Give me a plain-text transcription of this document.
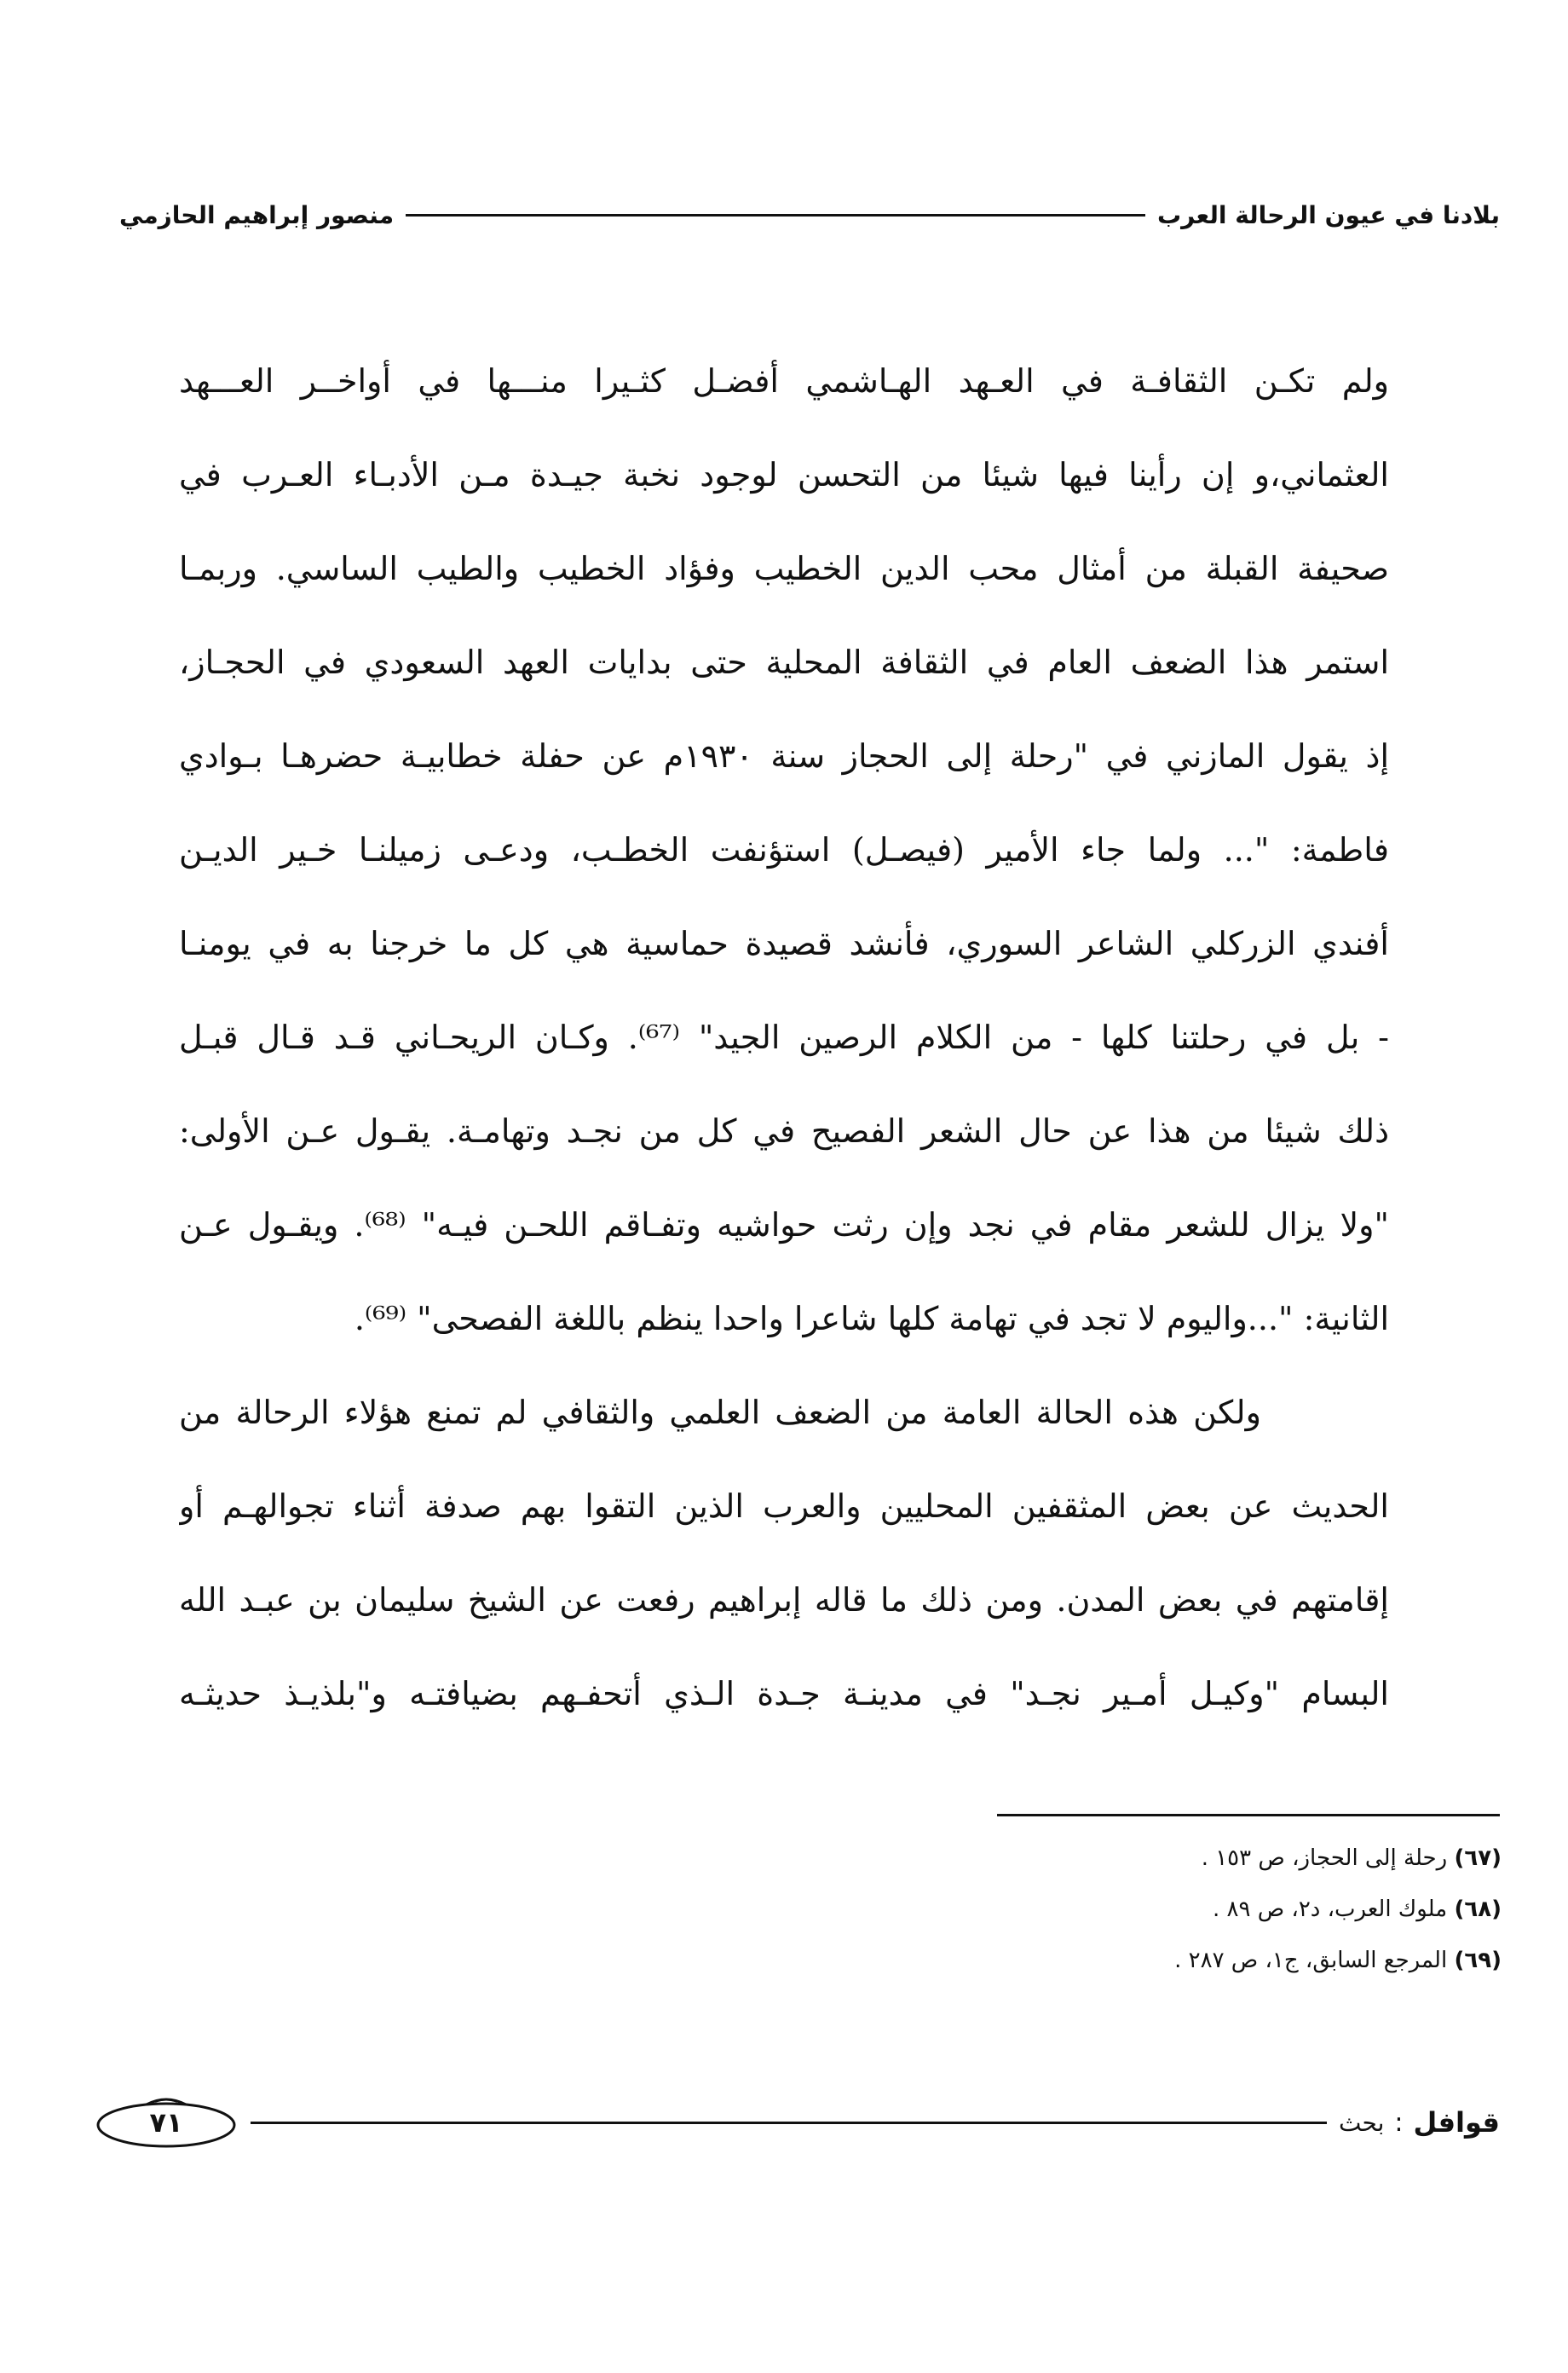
بلادنا في عيون الرحالة العرب
منصور إبراهيم الحازمي
ولم تكـن الثقافـة في العـهد الهـاشمي أفضـل كثـيرا منـــها في أواخــر العـــهد
العثماني،و إن رأينا فيها شيئا من التحسن لوجود نخبة جيـدة مـن الأدبـاء العـرب في
صحيفة القبلة من أمثال محب الدين الخطيب وفؤاد الخطيب والطيب الساسي. وربمـا
استمر هذا الضعف العام في الثقافة المحلية حتى بدايات العهد السعودي في الحجـاز،
إذ يقول المازني في "رحلة إلى الحجاز سنة ١٩٣٠م عن حفلة خطابيـة حضرهـا بـوادي
فاطمة: "... ولما جاء الأمير (فيصـل) استؤنفت الخطـب، ودعـى زميلنـا خـير الديـن
أفندي الزركلي الشاعر السوري، فأنشد قصيدة حماسية هي كل ما خرجنا به في يومنـا
- بل في رحلتنا كلها - من الكلام الرصين الجيد" ⁽⁶⁷⁾. وكـان الريحـاني قـد قـال قبـل
ذلك شيئا من هذا عن حال الشعر الفصيح في كل من نجـد وتهامـة. يقـول عـن الأولى:
"ولا يزال للشعر مقام في نجد وإن رثت حواشيه وتفـاقم اللحـن فيـه" ⁽⁶⁸⁾. ويقـول عـن
الثانية: "...واليوم لا تجد في تهامة كلها شاعرا واحدا ينظم باللغة الفصحى" ⁽⁶⁹⁾.
ولكن هذه الحالة العامة من الضعف العلمي والثقافي لم تمنع هؤلاء الرحالة من
الحديث عن بعض المثقفين المحليين والعرب الذين التقوا بهم صدفة أثناء تجوالهـم أو
إقامتهم في بعض المدن. ومن ذلك ما قاله إبراهيم رفعت عن الشيخ سليمان بن عبـد الله
البسام "وكيـل أمـير نجـد" في مدينـة جـدة الـذي أتحفـهم بضيافتـه و"بلذيـذ حديثـه
(٦٧) رحلة إلى الحجاز، ص ١٥٣ .
(٦٨) ملوك العرب، د٢، ص ٨٩ .
(٦٩) المرجع السابق، ج١، ص ٢٨٧ .
قوافل
:
بحث
٧١
